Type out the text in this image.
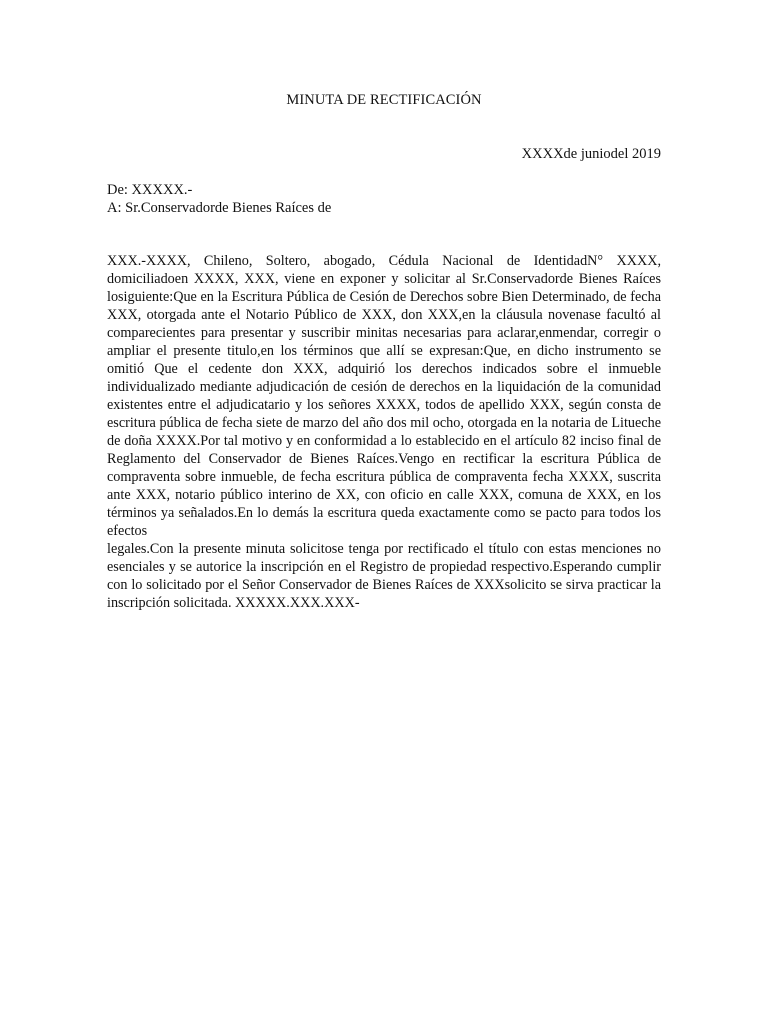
MINUTA DE RECTIFICACIÓN
XXXXde juniodel 2019
De: XXXXX.-
A: Sr.Conservadorde Bienes Raíces de

XXX.-XXXX, Chileno, Soltero, abogado, Cédula Nacional de IdentidadN° XXXX, domiciliadoen XXXX, XXX, viene en exponer y solicitar al Sr.Conservadorde Bienes Raíces losiguiente:Que en la Escritura Pública de Cesión de Derechos sobre Bien Determinado, de fecha XXX, otorgada ante el Notario Público de XXX, don XXX,en la cláusula novenase facultó al comparecientes para presentar y suscribir minitas necesarias para aclarar,enmendar, corregir o ampliar el presente titulo,en los términos que allí se expresan:Que, en dicho instrumento se omitió Que el cedente don XXX, adquirió los derechos indicados sobre el inmueble individualizado mediante adjudicación de cesión de derechos en la liquidación de la comunidad existentes entre el adjudicatario y los señores XXXX, todos de apellido XXX, según consta de escritura pública de fecha siete de marzo del año dos mil ocho, otorgada en la notaria de Litueche de doña XXXX.Por tal motivo y en conformidad a lo establecido en el artículo 82 inciso final de Reglamento del Conservador de Bienes Raíces.Vengo en rectificar la escritura Pública de compraventa sobre inmueble, de fecha escritura pública de compraventa fecha XXXX, suscrita ante XXX, notario público interino de XX, con oficio en calle XXX, comuna de XXX, en los términos ya señalados.En lo demás la escritura queda exactamente como se pacto para todos los efectos

legales.Con la presente minuta solicitose tenga por rectificado el título con estas menciones no esenciales y se autorice la inscripción en el Registro de propiedad respectivo.Esperando cumplir con lo solicitado por el Señor Conservador de Bienes Raíces de XXXsolicito se sirva practicar la inscripción solicitada. XXXXX.XXX.XXX-
